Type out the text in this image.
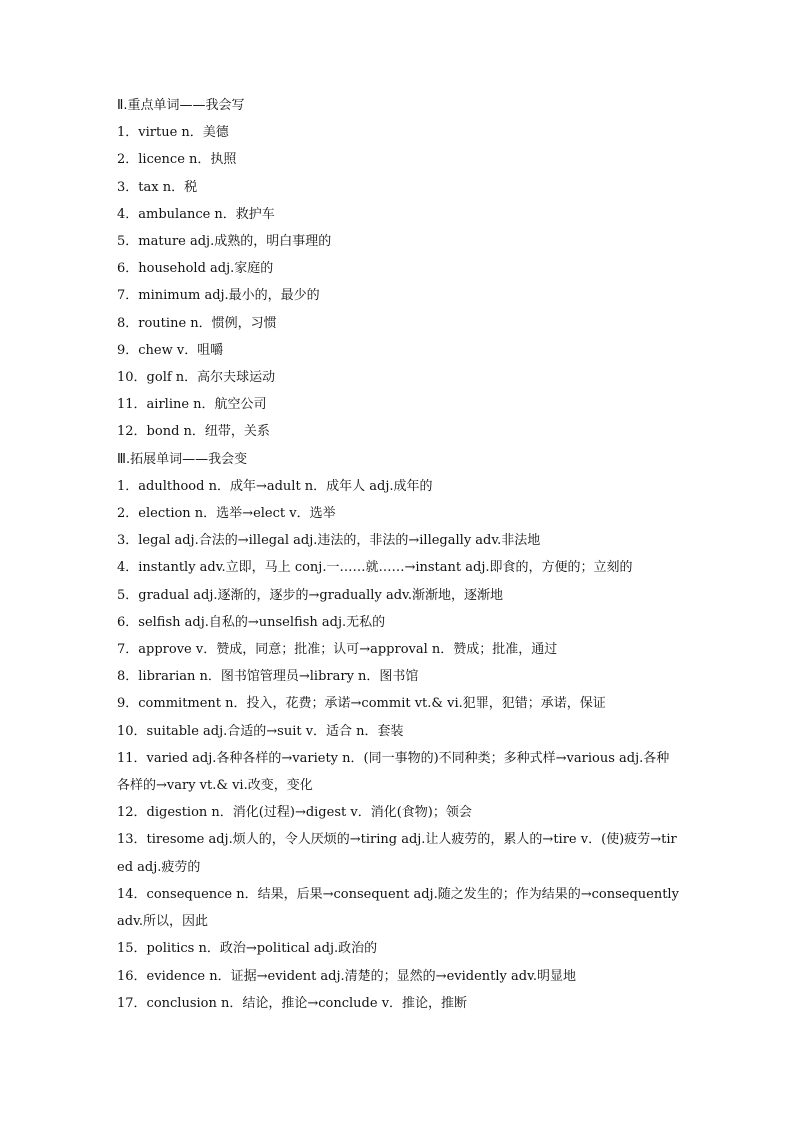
Ⅱ.重点单词——我会写
1．virtue n．美德
2．licence n．执照
3．tax n．税
4．ambulance n．救护车
5．mature adj.成熟的，明白事理的
6．household adj.家庭的
7．minimum adj.最小的，最少的
8．routine n．惯例，习惯
9．chew v．咀嚼
10．golf n．高尔夫球运动
11．airline n．航空公司
12．bond n．纽带，关系
Ⅲ.拓展单词——我会变
1．adulthood n．成年→adult n．成年人 adj.成年的
2．election n．选举→elect v．选举
3．legal adj.合法的→illegal adj.违法的，非法的→illegally adv.非法地
4．instantly adv.立即，马上 conj.一……就……→instant adj.即食的，方便的；立刻的
5．gradual adj.逐渐的，逐步的→gradually adv.渐渐地，逐渐地
6．selfish adj.自私的→unselfish adj.无私的
7．approve v．赞成，同意；批准；认可→approval n．赞成；批准，通过
8．librarian n．图书馆管理员→library n．图书馆
9．commitment n．投入，花费；承诺→commit vt.& vi.犯罪，犯错；承诺，保证
10．suitable adj.合适的→suit v．适合 n．套装
11．varied adj.各种各样的→variety n．(同一事物的)不同种类；多种式样→various adj.各种各样的→vary vt.& vi.改变，变化
12．digestion n．消化(过程)→digest v．消化(食物)；领会
13．tiresome adj.烦人的，令人厌烦的→tiring adj.让人疲劳的，累人的→tire v．(使)疲劳→tired adj.疲劳的
14．consequence n．结果，后果→consequent adj.随之发生的；作为结果的→consequently adv.所以，因此
15．politics n．政治→political adj.政治的
16．evidence n．证据→evident adj.清楚的；显然的→evidently adv.明显地
17．conclusion n．结论，推论→conclude v．推论，推断
